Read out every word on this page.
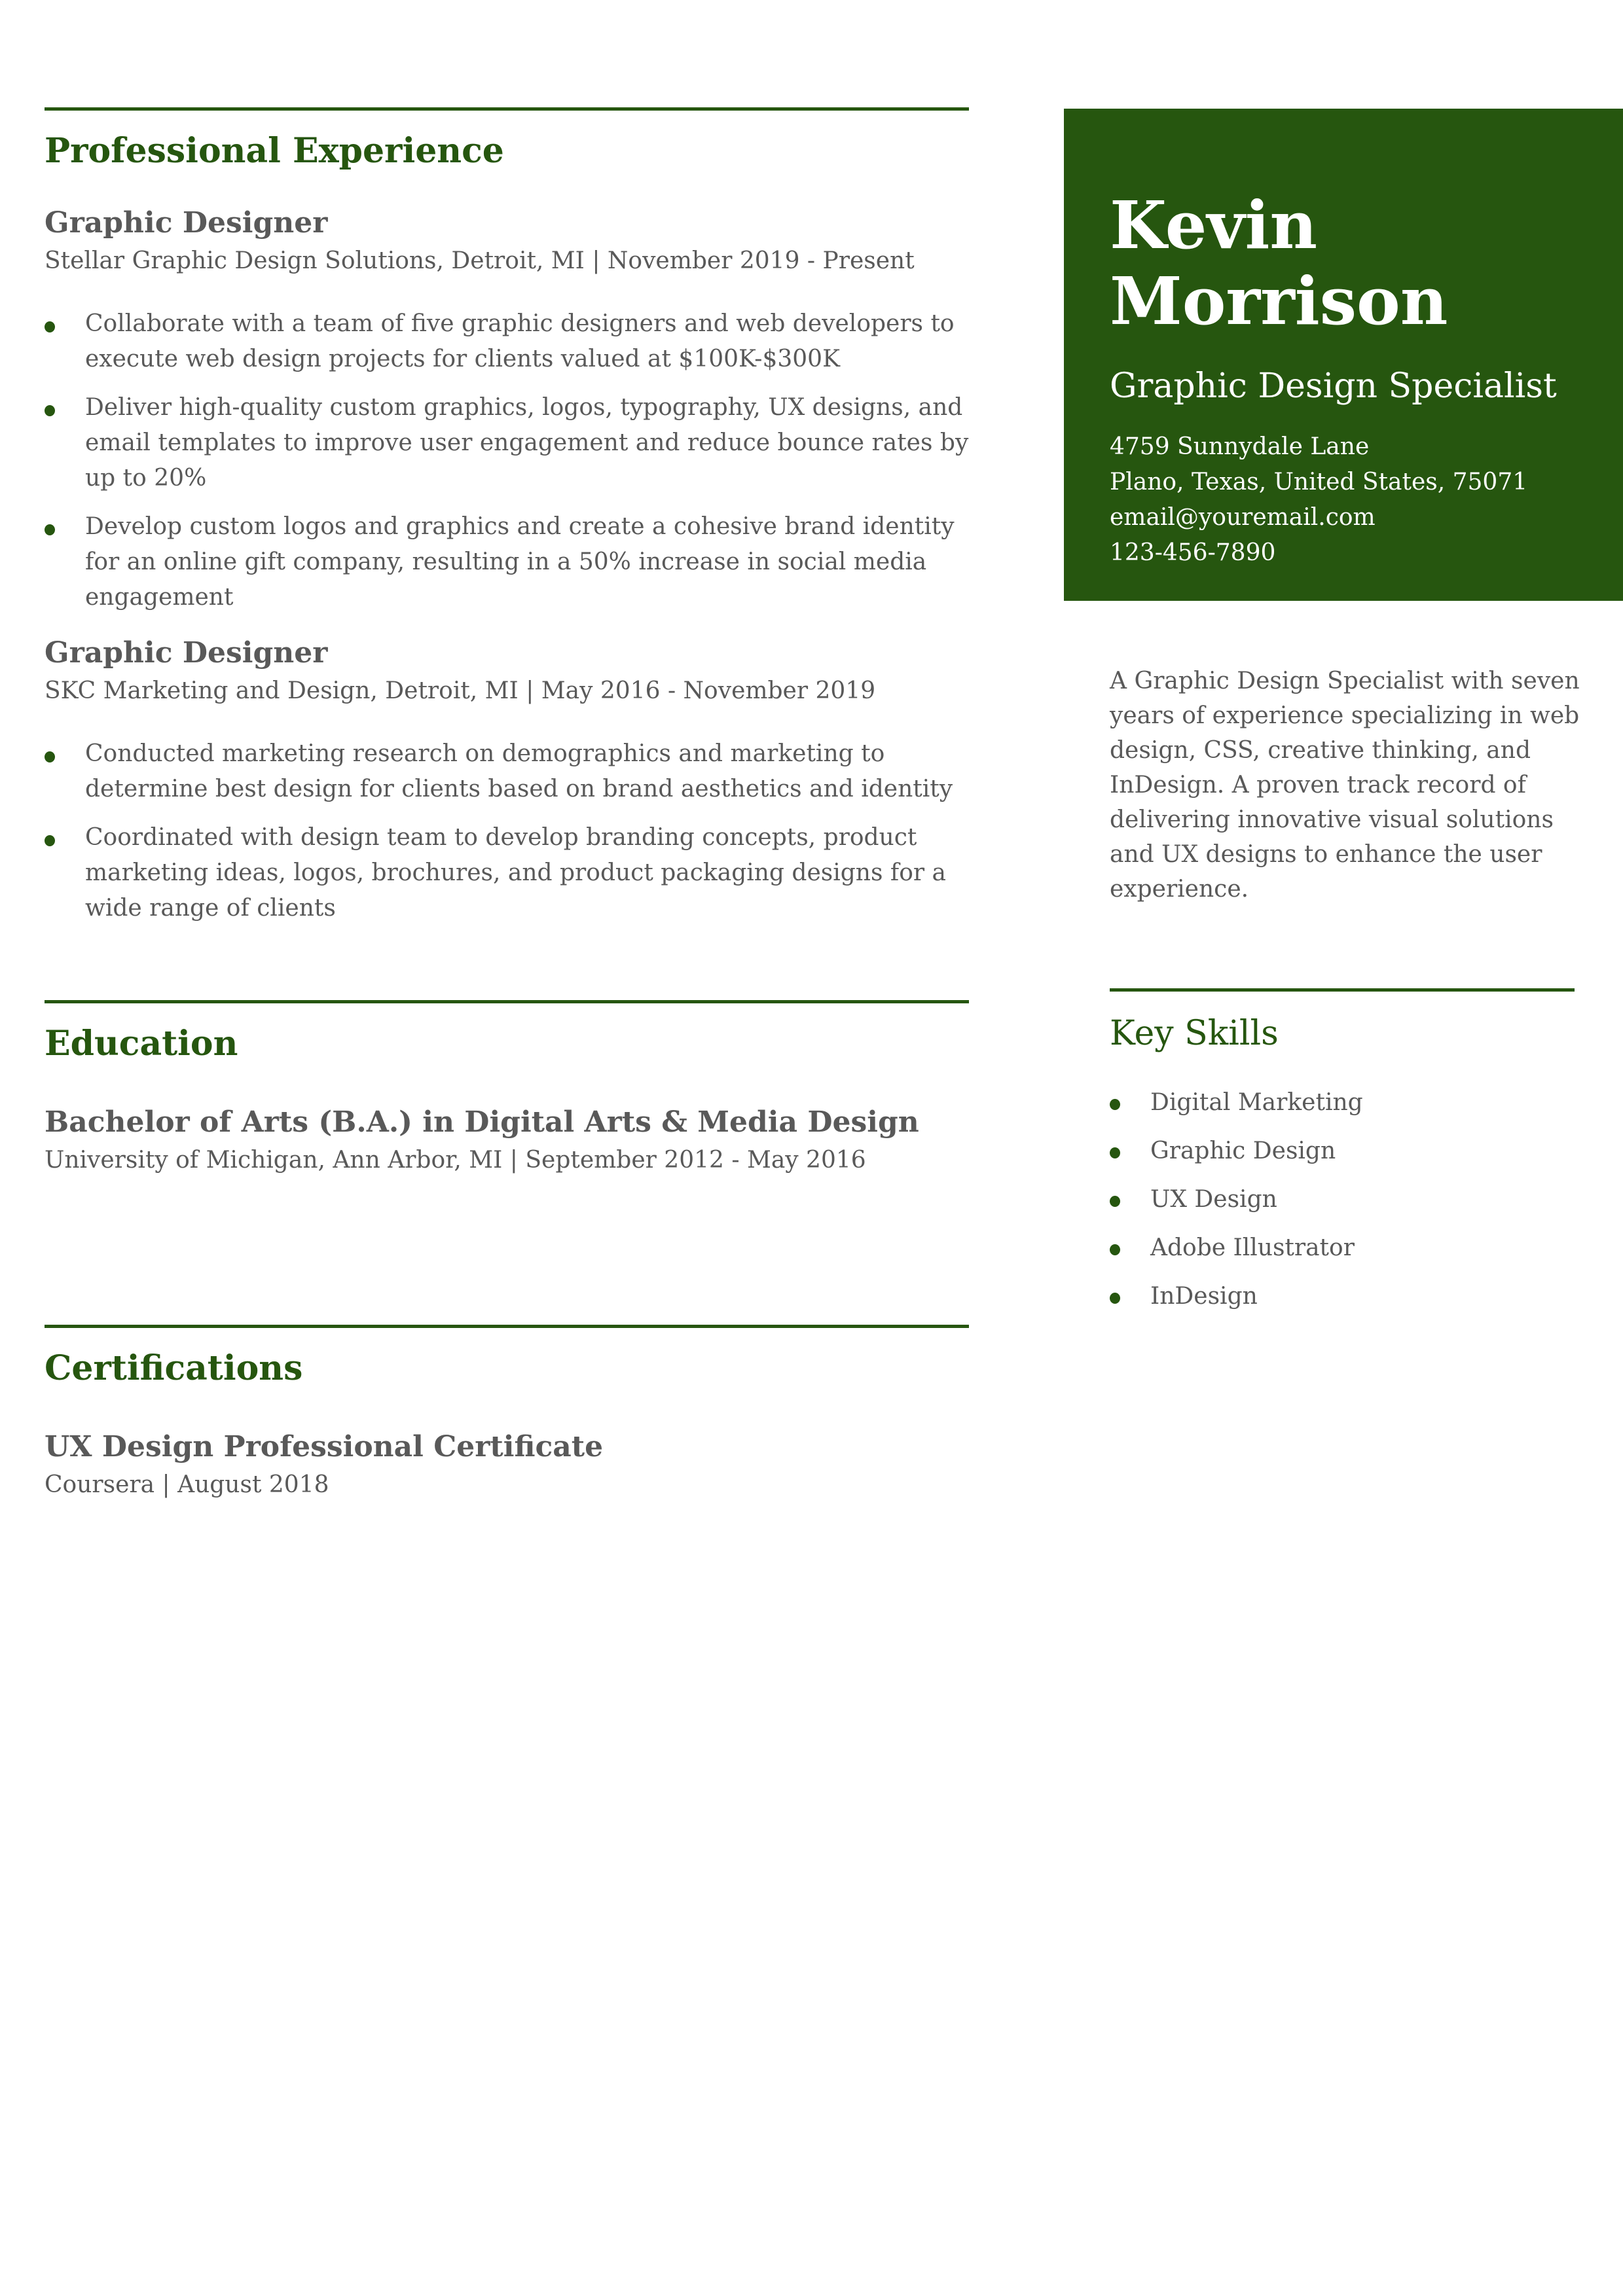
Professional Experience
Graphic Designer
Stellar Graphic Design Solutions, Detroit, MI | November 2019 - Present
Collaborate with a team of five graphic designers and web developers to execute web design projects for clients valued at $100K-$300K
Deliver high-quality custom graphics, logos, typography, UX designs, and email templates to improve user engagement and reduce bounce rates by up to 20%
Develop custom logos and graphics and create a cohesive brand identity for an online gift company, resulting in a 50% increase in social media engagement
Graphic Designer
SKC Marketing and Design, Detroit, MI | May 2016 - November 2019
Conducted marketing research on demographics and marketing to determine best design for clients based on brand aesthetics and identity
Coordinated with design team to develop branding concepts, product marketing ideas, logos, brochures, and product packaging designs for a wide range of clients
Education
Bachelor of Arts (B.A.) in Digital Arts & Media Design
University of Michigan, Ann Arbor, MI | September 2012 - May 2016
Certifications
UX Design Professional Certificate
Coursera | August 2018
Kevin
Morrison
Graphic Design Specialist
4759 Sunnydale Lane
Plano, Texas, United States, 75071
email@youremail.com
123-456-7890
A Graphic Design Specialist with seven years of experience specializing in web design, CSS, creative thinking, and InDesign. A proven track record of delivering innovative visual solutions and UX designs to enhance the user experience.
Key Skills
Digital Marketing
Graphic Design
UX Design
Adobe Illustrator
InDesign
